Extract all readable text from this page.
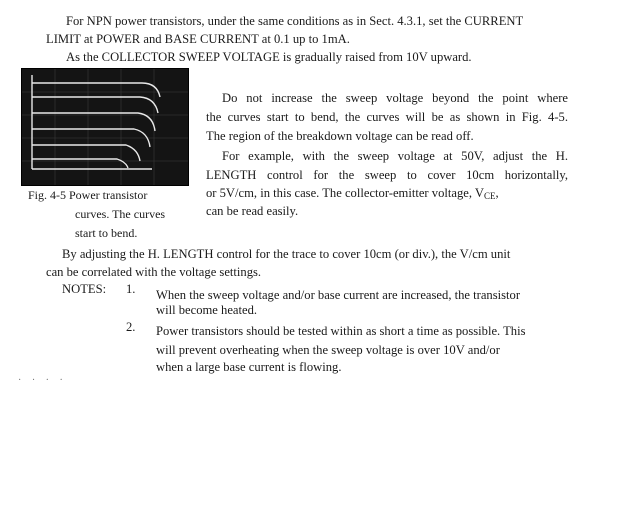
For NPN power transistors, under the same conditions as in Sect. 4.3.1, set the CURRENT
LIMIT at POWER and BASE CURRENT at 0.1 up to 1mA.
As the COLLECTOR SWEEP VOLTAGE is gradually raised from 10V upward.
Fig. 4-5 Power transistor
curves. The curves
start to bend.
Do not increase the sweep voltage beyond the point where
the curves start to bend, the curves will be as shown in Fig. 4-5.
The region of the breakdown voltage can be read off.
For example, with the sweep voltage at 50V, adjust the H.
LENGTH control for the sweep to cover 10cm horizontally,
or 5V/cm, in this case. The collector-emitter voltage, $V_{CE}$,
can be read easily.
By adjusting the H. LENGTH control for the trace to cover 10cm (or div.), the V/cm unit
can be correlated with the voltage settings.
NOTES: 1. When the sweep voltage and/or base current are increased, the transistor
will become heated.
2. Power transistors should be tested within as short a time as possible. This
will prevent overheating when the sweep voltage is over 10V and/or
when a large base current is flowing.
· · · ·
